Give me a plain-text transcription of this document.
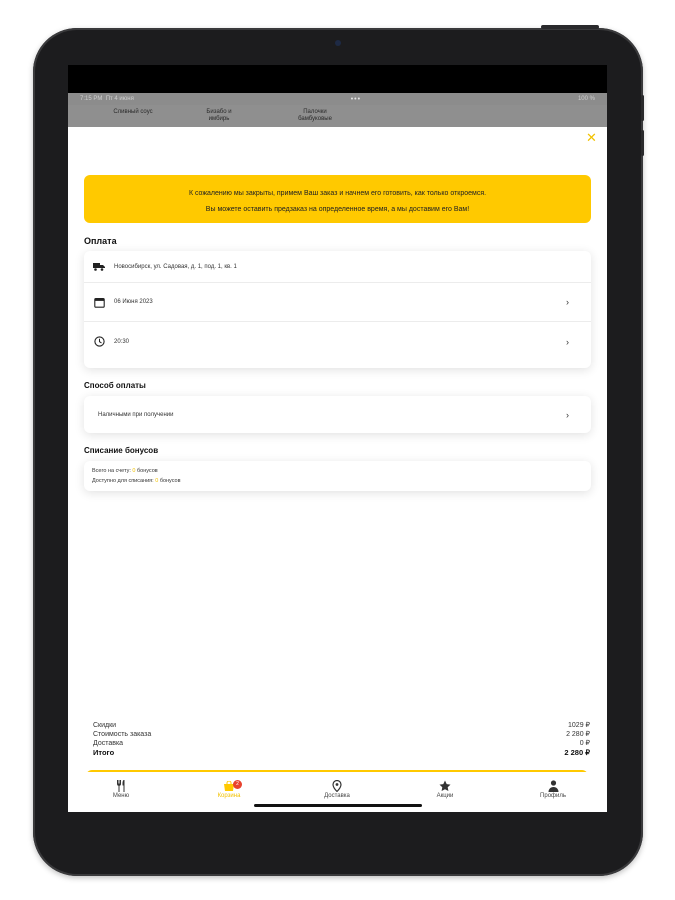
7:15 PM Пт 4 июня	•••	100 %
Сливный соус	Бизабо и имбирь
Палочки бамбуковые
✕
К сожалению мы закрыты, примем Ваш заказ и начнем его готовить, как только откроемся.
Вы можете оставить предзаказ на определенное время, а мы доставим его Вам!
Оплата
Новосибирск, ул. Садовая, д. 1, под. 1, кв. 1
06 Июня 2023	›
20:30	›
Способ оплаты
Наличными при получении	›
Списание бонусов
Всего на счету: 0 бонусов
Доступно для списания: 0 бонусов
Скидки	1029 ₽
Стоимость заказа	2 280 ₽
Доставка	0 ₽
Итого	2 280 ₽
Меню
2
Корзина	Доставка	Акции	Профиль
